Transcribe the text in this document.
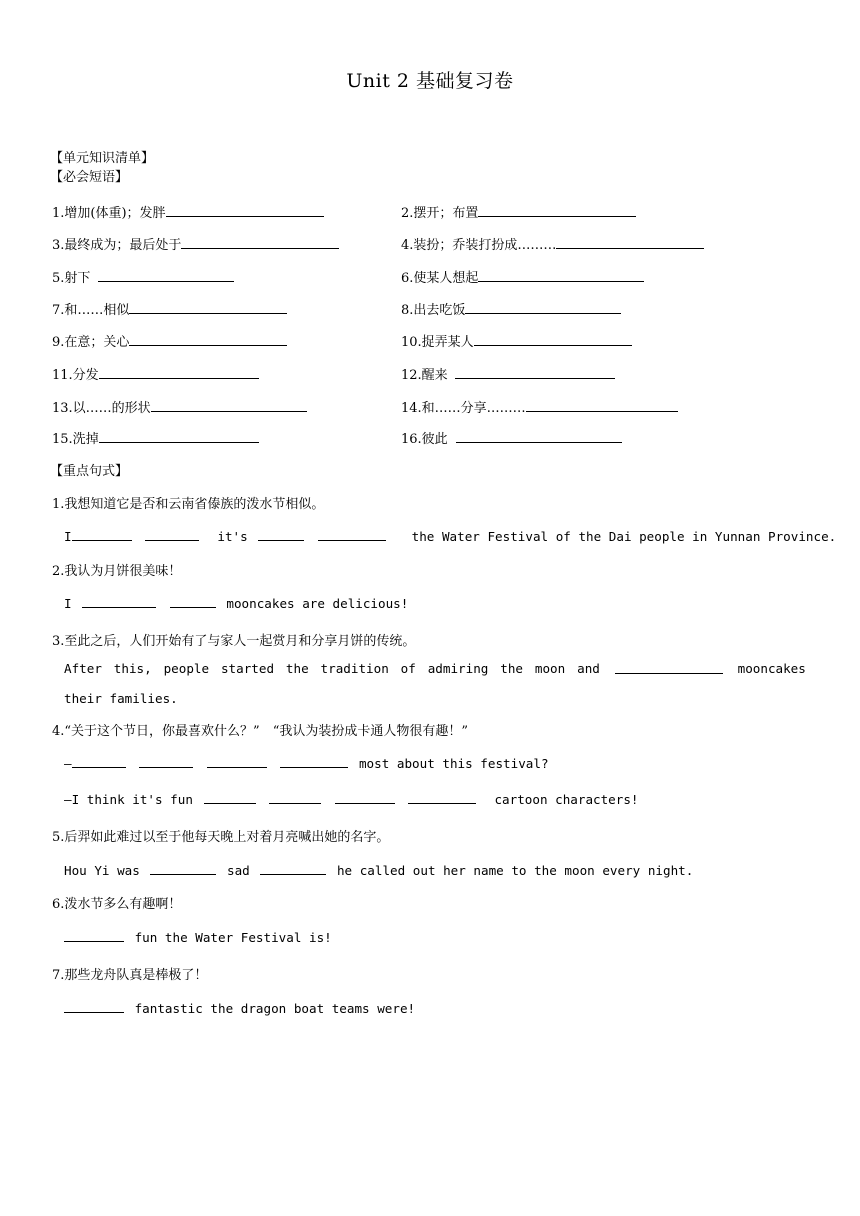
Unit 2 基础复习卷
【单元知识清单】
【必会短语】
1.增加(体重)；发胖	2.摆开；布置
3.最终成为；最后处于	4.装扮；乔装打扮成………
5.射下	6.使某人想起
7.和……相似	8.出去吃饭
9.在意；关心	10.捉弄某人
11.分发	12.醒来
13.以……的形状	14.和……分享………
15.洗掉	16.彼此
【重点句式】
1.我想知道它是否和云南省傣族的泼水节相似。
I	it's	the Water Festival of the Dai people in Yunnan Province.
2.我认为月饼很美味！
I	mooncakes are delicious!
3.至此之后，人们开始有了与家人一起赏月和分享月饼的传统。
After this, people started the tradition of admiring the moon and	mooncakes
their families.
4.“关于这个节日，你最喜欢什么？”　“我认为装扮成卡通人物很有趣！”
—	most about this festival?
—I think it's fun	cartoon characters!
5.后羿如此难过以至于他每天晚上对着月亮喊出她的名字。
Hou Yi was	sad	he called out her name to the moon every night.
6.泼水节多么有趣啊！
fun the Water Festival is!
7.那些龙舟队真是棒极了！
fantastic the dragon boat teams were!
